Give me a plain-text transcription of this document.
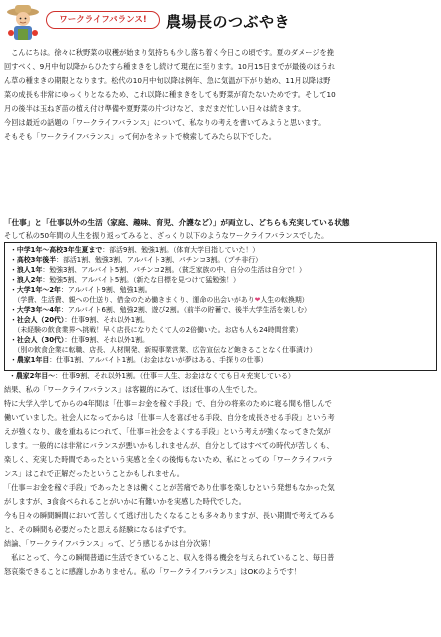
ワークライフバランス!	農場長のつぶやき
　こんにちは。徐々に秋野菜の収穫が始まり気持ちも少し落ち着く今日この頃です。夏のダメージを挽
回すべく、9月中旬以降からひたすら種まきをし続けて現在に至ります。10月15日までが最後のほうれ
ん草の種まきの期限となります。松代の10月中旬以降は例年、急に気温が下がり始め、11月以降は野
菜の成長も非常にゆっくりとなるため、これ以降に種まきをしても野菜が育たないためです。そして10
月の後半は玉ねぎ苗の植え付け準備や夏野菜の片づけなど、まだまだ忙しい日々は続きます。
今回は最近の話題の「ワークライフバランス」について、私なりの考えを書いてみようと思います。
そもそも「ワークライフバランス」って何かをネットで検索してみたら以下でした。
「仕事」と「仕事以外の生活（家庭、趣味、育児、介護など）」が両立し、どちらも充実している状態
そして私の50年間の人生を振り返ってみると、ざっくり以下のようなワークライフバランスでした。
・中学1年～高校3年生夏まで：部活9割、勉強1割。（体育大学目指していた！）
・高校3年後半：部活1割、勉強3割、アルバイト3割、パチンコ3割。（プチ非行）
・浪人1年：勉強3割、アルバイト5割、パチンコ2割。（貧乏家族の中、自分の生活は自分で！）
・浪人2年：勉強5割、アルバイト5割。（新たな目標を見つけて猛勉強！）
・大学1年～2年：アルバイト9割、勉強1割。
　（学費、生活費、親への仕送り、借金のため働きまくり、運命の出会いがあり❤人生の転換期）
・大学3年～4年：アルバイト6割、勉強2割、遊び2割。（前半の貯蓄で、後半大学生活を楽しむ）
・社会人（20代）：仕事9割、それ以外1割。
　（未経験の飲食業界へ挑戦！早く店長になりたくて人の2倍働いた。お店も人も24時間営業）
・社会人（30代）：仕事9割、それ以外1割。
　（別の飲食企業に転職、店長、人材開発、新規事業営業、広告宣伝など飽きることなく仕事漬け）
・農家1年目：仕事1割、アルバイト1割。（お金はないが夢はある、手探りの仕事）
・農家2年目～：仕事9割、それ以外1割。（仕事＝人生、お金はなくても日々充実している）
結果、私の「ワークライフバランス」は客観的にみて、ほぼ仕事の人生でした。
特に大学入学してからの4年間は「仕事＝お金を稼ぐ手段」で、自分の将来のために寝る間も惜しんで
働いていました。社会人になってからは「仕事＝人を喜ばせる手段、自分を成長させる手段」という考
えが強くなり、歳を重ねるにつれて、「仕事＝社会をよくする手段」という考えが強くなってきた気が
します。一般的には非常にバランスが悪いかもしれませんが、自分としてはすべての時代が苦しくも、
楽しく、充実した時間であったという実感と全くの後悔もないため、私にとっての「ワークライフバラ
ンス」はこれで正解だったということかもしれません。
「仕事＝お金を稼ぐ手段」であったときは働くことが苦痛であり仕事を楽しむという発想もなかった気
がしますが、3食食べられることがいかに有難いかを実感した時代でした。
今も日々の瞬間瞬間において苦しくて逃げ出したくなることも多々ありますが、長い期間で考えてみる
と、その瞬間も必要だったと思える経験になるはずです。
結論、「ワークライフバランス」って、どう感じるかは自分次第！
　私にとって、今この瞬間普通に生活できていること、収入を得る機会を与えられていること、毎日普
怒哀楽できることに感謝しかありません。私の「ワークライフバランス」はOKのようです！
